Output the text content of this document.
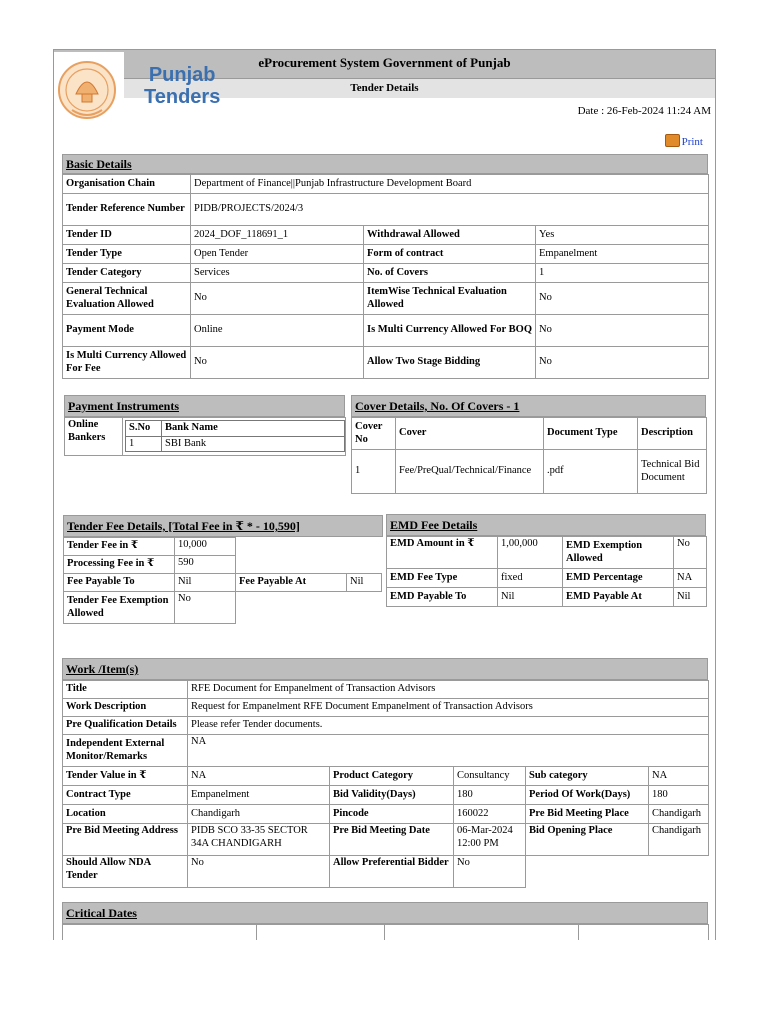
eProcurement System Government of Punjab
Tender Details
Punjab
Tenders
Date : 26-Feb-2024 11:24 AM
Print
Basic Details
Organisation Chain	Department of Finance||Punjab Infrastructure Development Board		
Tender Reference Number	PIDB/PROJECTS/2024/3		
Tender ID	2024_DOF_118691_1	Withdrawal Allowed	Yes
Tender Type	Open Tender	Form of contract	Empanelment
Tender Category	Services	No. of Covers	1
General Technical Evaluation Allowed	No	ItemWise Technical Evaluation Allowed	No
Payment Mode	Online	Is Multi Currency Allowed For BOQ	No
Is Multi Currency Allowed For Fee	No	Allow Two Stage Bidding	No
Payment Instruments
Online Bankers	
S.No	Bank Name
1	SBI Bank
Cover Details, No. Of Covers - 1
Cover No	Cover	Document Type	Description
1	Fee/PreQual/Technical/Finance	.pdf	Technical Bid Document
Tender Fee Details, [Total Fee in ₹ * - 10,590]
Tender Fee in ₹	10,000		
Processing Fee in ₹	590		
Fee Payable To	Nil	Fee Payable At	Nil
Tender Fee Exemption Allowed	No		
EMD Fee Details
EMD Amount in ₹	1,00,000	EMD Exemption Allowed	No
EMD Fee Type	fixed	EMD Percentage	NA
EMD Payable To	Nil	EMD Payable At	Nil
Work /Item(s)
Title	RFE Document for Empanelment of Transaction Advisors				
Work Description	Request for Empanelment RFE Document Empanelment of Transaction Advisors				
Pre Qualification Details	Please refer Tender documents.				
Independent External Monitor/Remarks	NA				
Tender Value in ₹	NA	Product Category	Consultancy	Sub category	NA
Contract Type	Empanelment	Bid Validity(Days)	180	Period Of Work(Days)	180
Location	Chandigarh	Pincode	160022	Pre Bid Meeting Place	Chandigarh
Pre Bid Meeting Address	PIDB SCO 33-35 SECTOR 34A CHANDIGARH	Pre Bid Meeting Date	06-Mar-2024 12:00 PM	Bid Opening Place	Chandigarh
Should Allow NDA Tender	No	Allow Preferential Bidder	No		
Critical Dates
